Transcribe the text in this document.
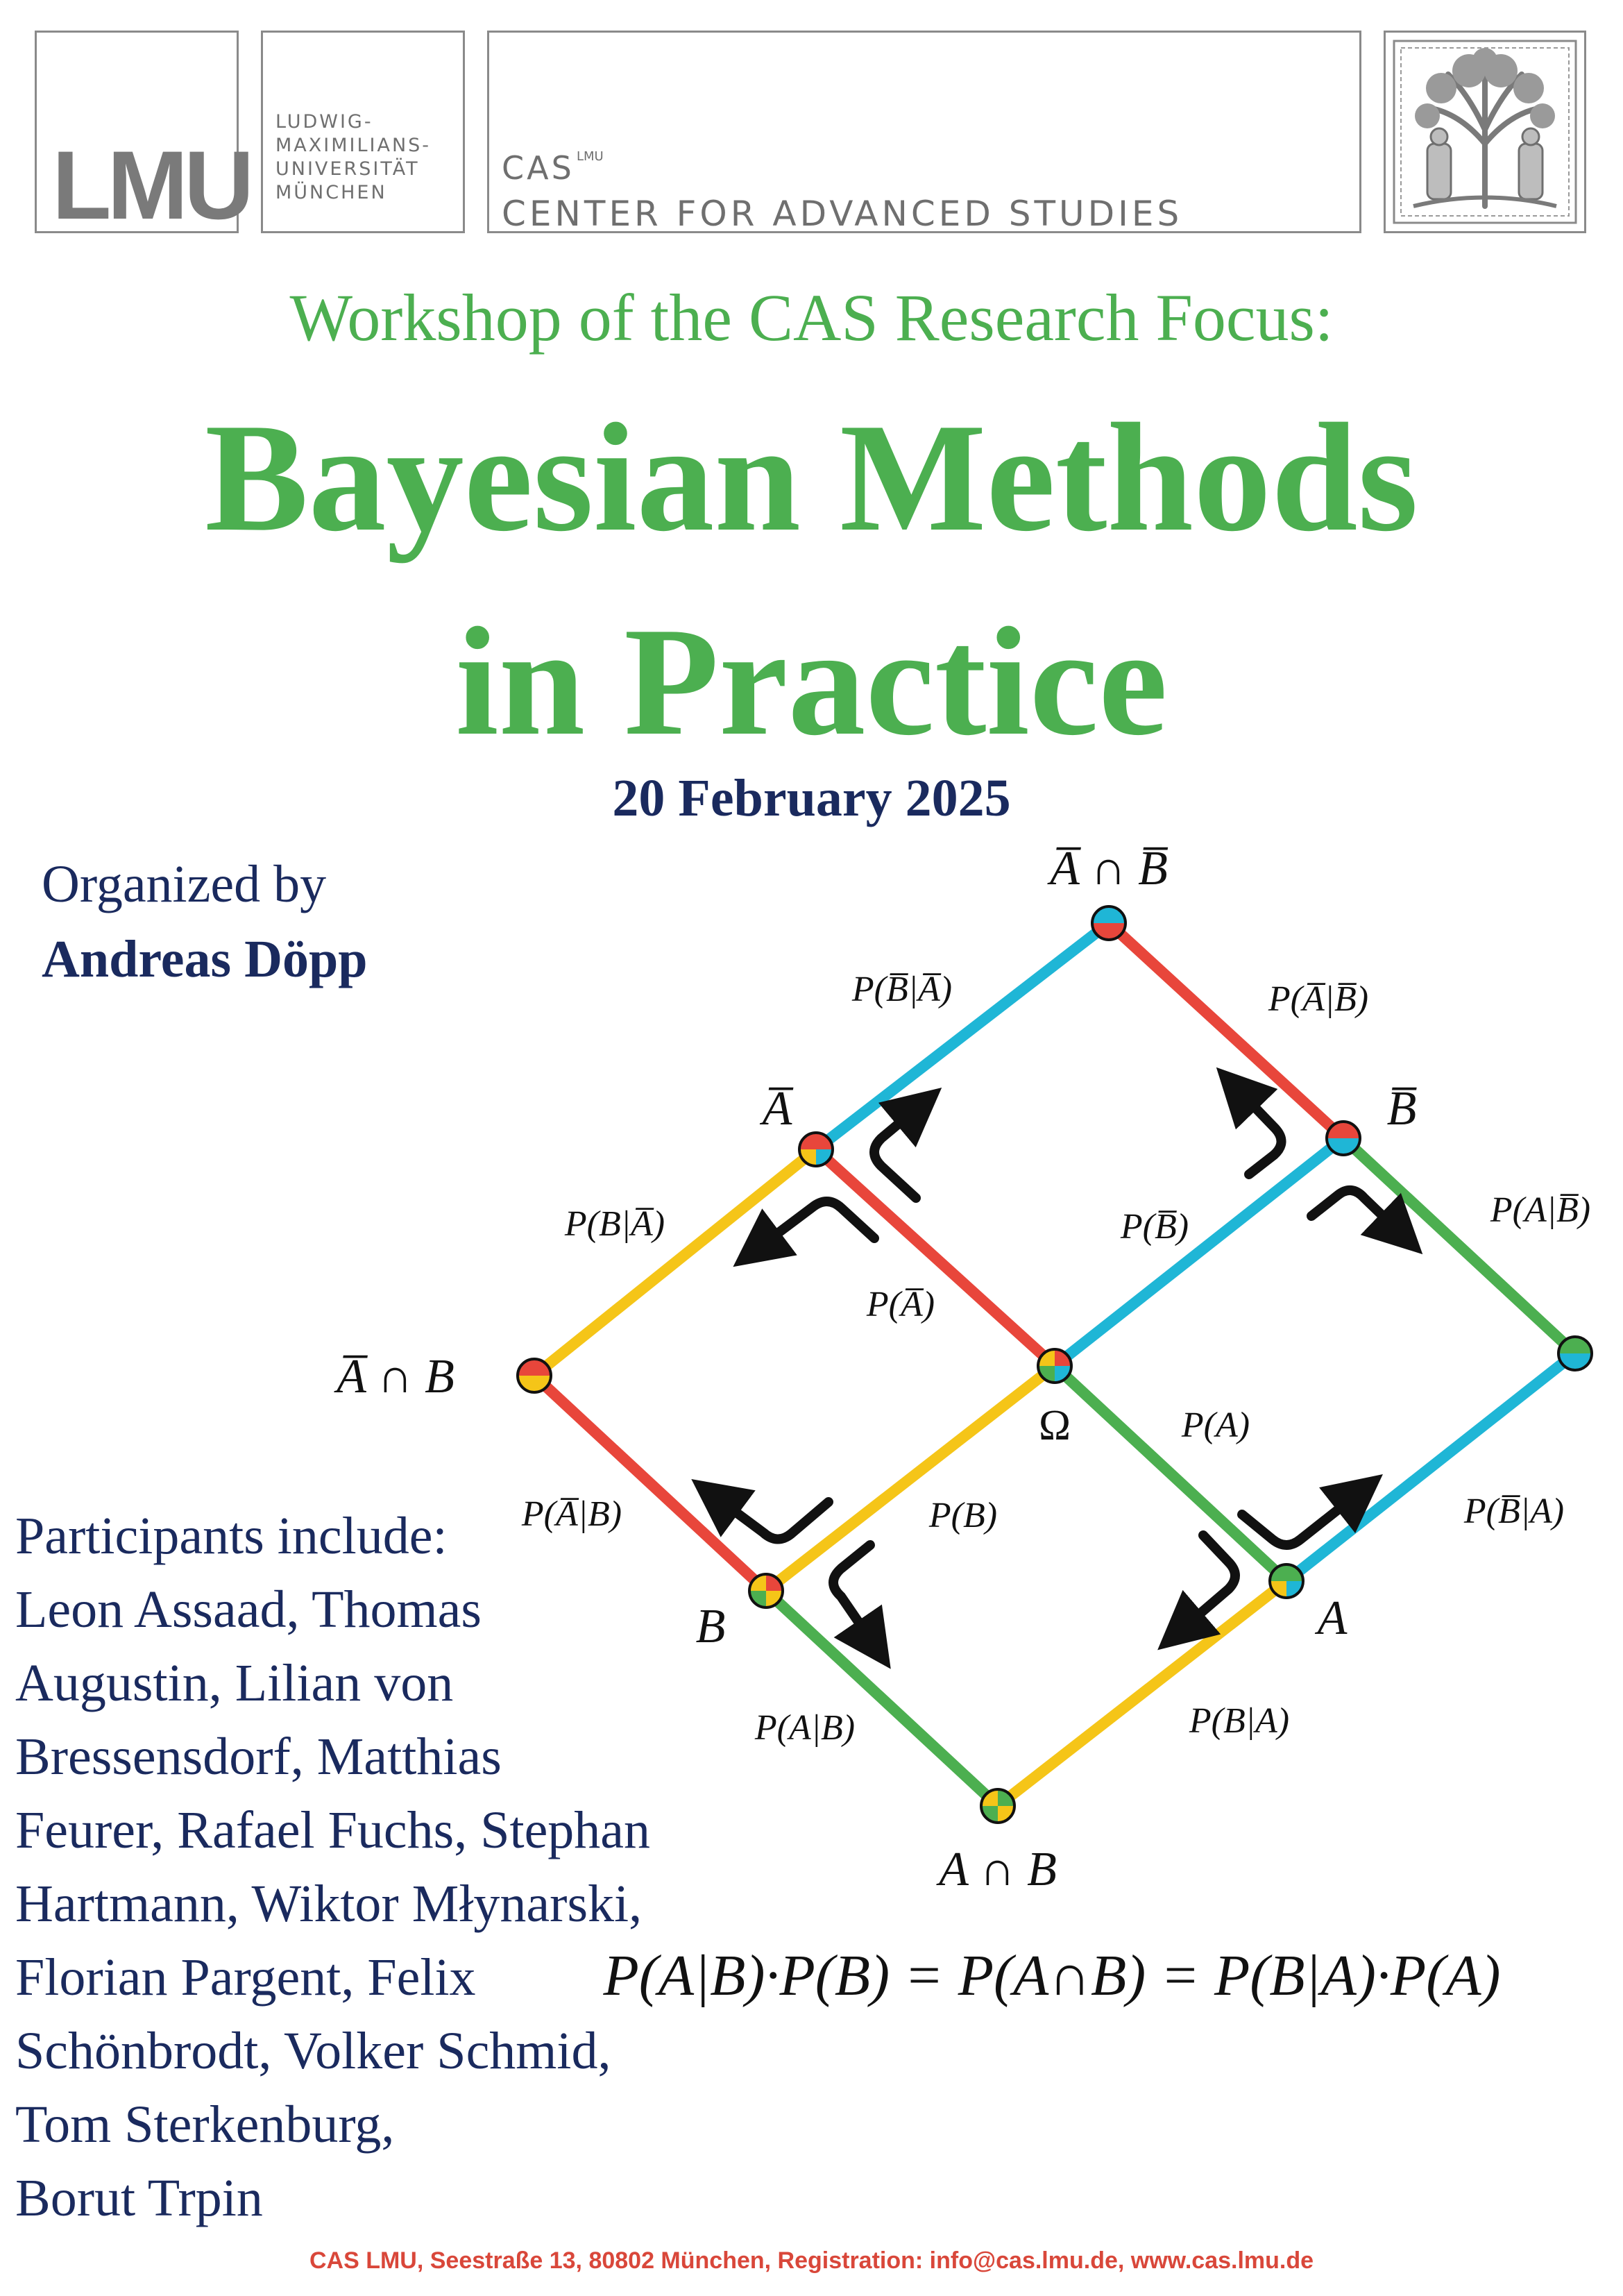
LMU
LUDWIG-
MAXIMILIANS-
UNIVERSITÄT
MÜNCHEN
CAS LMU
CENTER FOR ADVANCED STUDIES
Workshop of the CAS Research Focus:
Bayesian Methods
in Practice
20 February 2025
Organized by
Andreas Döpp
Participants include:
Leon Assaad, Thomas
Augustin, Lilian von
Bressensdorf, Matthias
Feurer, Rafael Fuchs, Stephan
Hartmann, Wiktor Młynarski,
Florian Pargent, Felix
Schönbrodt, Volker Schmid,
Tom Sterkenburg,
Borut Trpin
A̅ ∩ B̅
A̅	B̅
A̅ ∩ B
Ω
B	A
A ∩ B
P(B̅|A̅)	P(A̅|B̅)
P(B|A̅)	P(B̅)	P(A|B̅)
P(A̅)
P(A)
P(A̅|B)	P(B)	P(B̅|A)
P(A|B)	P(B|A)
P(A|B)·P(B) = P(A∩B) = P(B|A)·P(A)
CAS LMU, Seestraße 13, 80802 München, Registration: info@cas.lmu.de, www.cas.lmu.de
